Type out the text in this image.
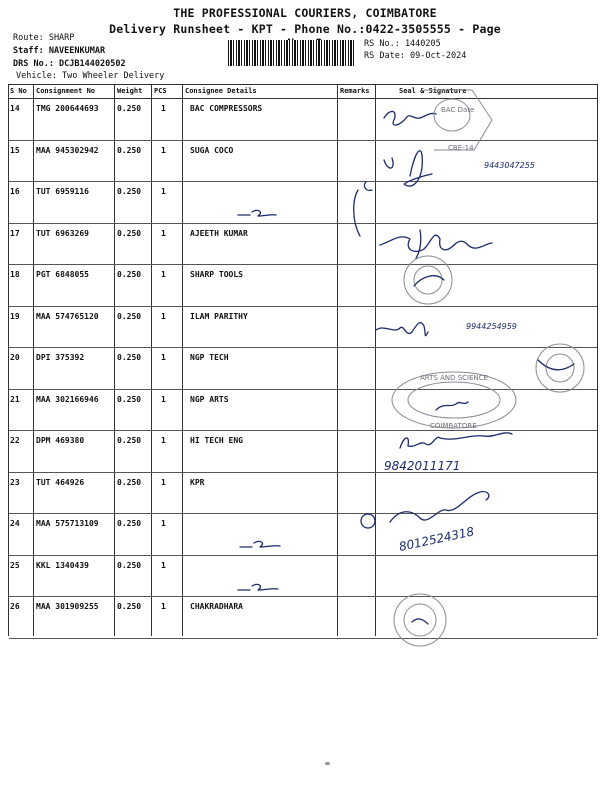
THE PROFESSIONAL COURIERS, COIMBATORE
Delivery Runsheet - KPT - Phone No.:0422-3505555 - Page
Route: SHARP
Staff: NAVEENKUMAR
DRS No.: DCJB144020502
Vehicle: Two Wheeler Delivery
RS No.: 1440205
RS Date: 09-Oct-2024
S No Consignment No	Weight PCS	Consignee Details	Remarks	Seal & Signature
14 TMG 200644693 0.250 1	BAC COMPRESSORS
15 MAA 945302942 0.250 1	SUGA COCO
16 TUT 6959116	0.250 1
17 TUT 6963269	0.250 1	AJEETH KUMAR
18 PGT 6848055	0.250 1	SHARP TOOLS
19 MAA 574765120 0.250 1	ILAM PARITHY
20 DPI 375392	0.250 1	NGP TECH
21 MAA 302166946 0.250 1	NGP ARTS
22 DPM 469380	0.250 1	HI TECH ENG
23 TUT 464926	0.250 1	KPR
24 MAA 575713109 0.250 1
25 KKL 1340439	0.250 1
26 MAA 301909255 0.250 1	CHAKRADHARA
BAC Date
CBE-14
9443047255
9944254959
ARTS AND SCIENCE
COIMBATORE
9842011171
8012524318
